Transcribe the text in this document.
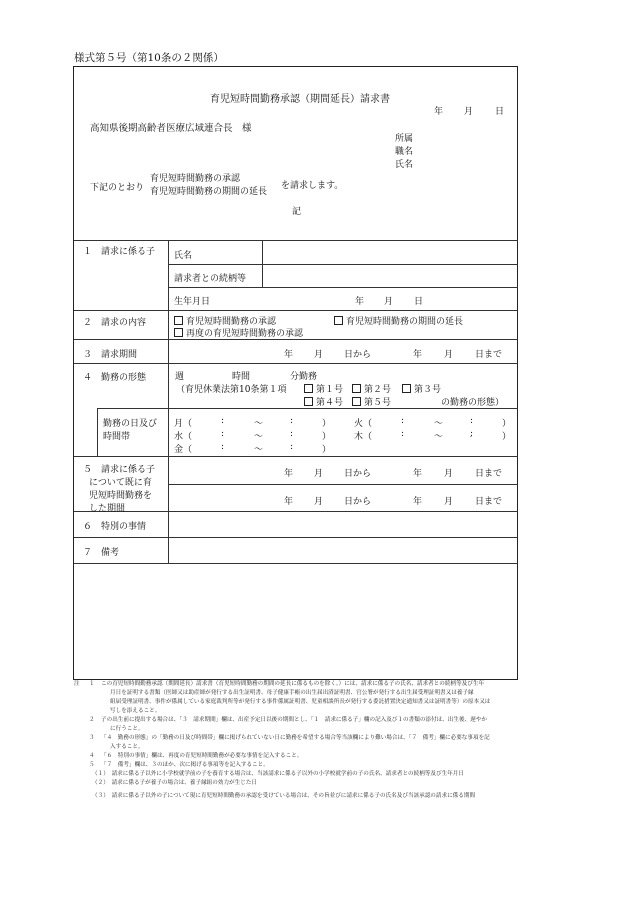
様式第５号（第10条の２関係）
育児短時間勤務承認（期間延長）請求書
年 月 日
高知県後期高齢者医療広域連合長　様
所属
職名
氏名
下記のとおり
育児短時間勤務の承認
育児短時間勤務の期間の延長
を請求します。
記
１ 請求に係る子 氏名
請求者との続柄等
生年月日	年 月 日
２ 請求の内容	育児短時間勤務の承認	育児短時間勤務の期間の延長
再度の育児短時間勤務の承認
３ 請求期間	年 月 日から	年 月 日まで
４ 勤務の形態	週	時間	分勤務
（育児休業法第10条第１項	第１号	第２号	第３号
第４号	第５号	の勤務の形態）
勤務の日及び
時間帯
月（	:	〜	:	）	火（	:	〜	:	）
水（	:	〜	:	）	木（	:	〜	;	）
金（	:	〜	:	）
５ 請求に係る子
について既に育
児短時間勤務を
した期間
年 月 日から	年 月 日まで
年 月 日から	年 月 日まで
６ 特別の事情
７ 備考
注 １ この育児短時間勤務承認（期間延長）請求書（育児短時間勤務の期間の延長に係るものを除く。）には、請求に係る子の氏名、請求者との続柄等及び生年
月日を証明する書類（医師又は助産師が発行する出生証明書、母子健康手帳の出生届出済証明書、官公署が発行する出生届受理証明書又は養子縁
組届受理証明書、事件が係属している家庭裁判所等が発行する事件係属証明書、児童相談所長が発行する委託措置決定通知書又は証明書等）の原本又は
写しを添えること。
２ 子の出生前に提出する場合は、「３　請求期間」欄は、出産予定日以後の期間とし、「１　請求に係る子」欄の記入及び１の書類の添付は、出生後、遅やか
に行うこと。
３ 「４　勤務の形態」の「勤務の日及び時間帯」欄に掲げられていない日に勤務を希望する場合等当該欄により難い場合は、「７　備考」欄に必要な事項を記
入すること。
４ 「６　特別の事情」欄は、再度の育児短時間勤務が必要な事情を記入すること。
５ 「７　備考」欄は、３のほか、次に掲げる事項等を記入すること。
（１）　請求に係る子以外に小学校就学前の子を養育する場合は、当該請求に係る子以外の小学校就学前の子の氏名、請求者との続柄等及び生年月日
（２）　請求に係る子が養子の場合は、養子縁組の効力が生じた日
（３）　請求に係る子以外の子について現に育児短時間勤務の承認を受けている場合は、その旨並びに請求に係る子の氏名及び当該承認の請求に係る期間
